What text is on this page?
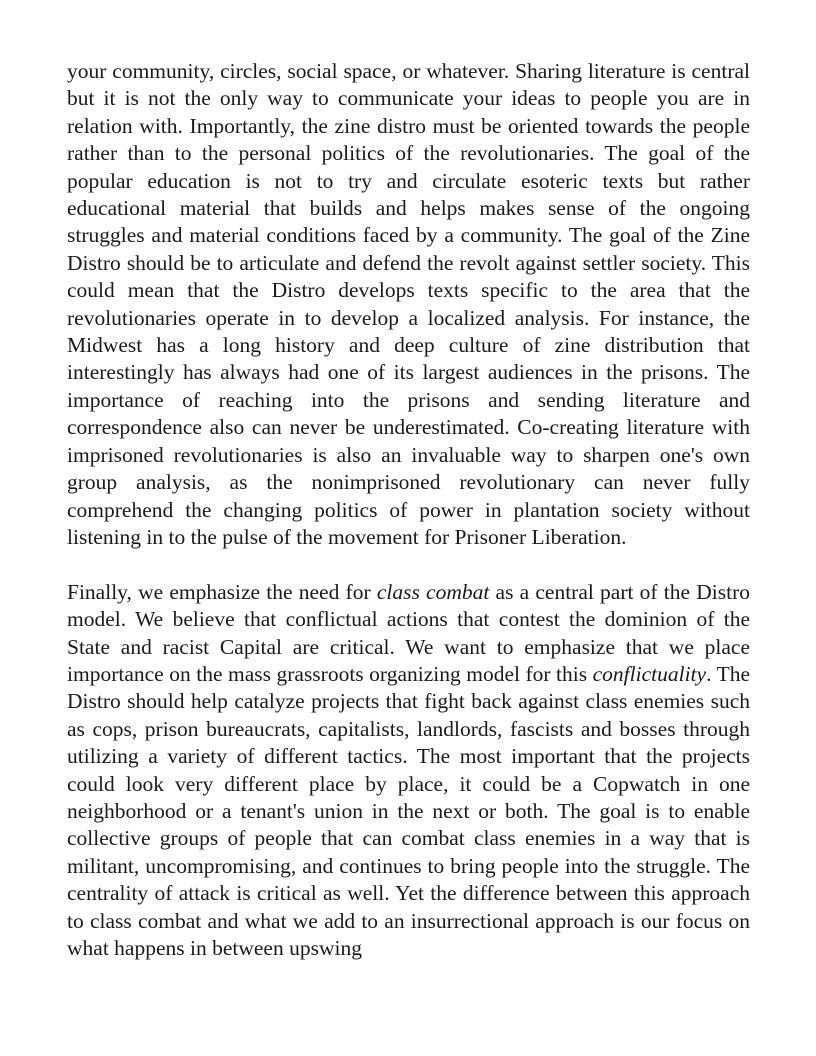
your community, circles, social space, or whatever. Sharing literature is central but it is not the only way to communicate your ideas to people you are in relation with. Importantly, the zine distro must be oriented towards the people rather than to the personal politics of the revolutionaries. The goal of the popular education is not to try and circulate esoteric texts but rather educational material that builds and helps makes sense of the ongoing struggles and material conditions faced by a community. The goal of the Zine Distro should be to articulate and defend the revolt against settler society. This could mean that the Distro develops texts specific to the area that the revolutionaries operate in to develop a localized analysis. For instance, the Midwest has a long history and deep culture of zine distribution that interestingly has always had one of its largest audiences in the prisons. The importance of reaching into the prisons and sending literature and correspondence also can never be underestimated. Co-creating literature with imprisoned revolutionaries is also an invaluable way to sharpen one's own group analysis, as the nonimprisoned revolutionary can never fully comprehend the changing politics of power in plantation society without listening in to the pulse of the movement for Prisoner Liberation.

Finally, we emphasize the need for class combat as a central part of the Distro model. We believe that conflictual actions that contest the dominion of the State and racist Capital are critical. We want to emphasize that we place importance on the mass grassroots organizing model for this conflictuality. The Distro should help catalyze projects that fight back against class enemies such as cops, prison bureaucrats, capitalists, landlords, fascists and bosses through utilizing a variety of different tactics. The most important that the projects could look very different place by place, it could be a Copwatch in one neighborhood or a tenant's union in the next or both. The goal is to enable collective groups of people that can combat class enemies in a way that is militant, uncompromising, and continues to bring people into the struggle. The centrality of attack is critical as well. Yet the difference between this approach to class combat and what we add to an insurrectional approach is our focus on what happens in between upswing
